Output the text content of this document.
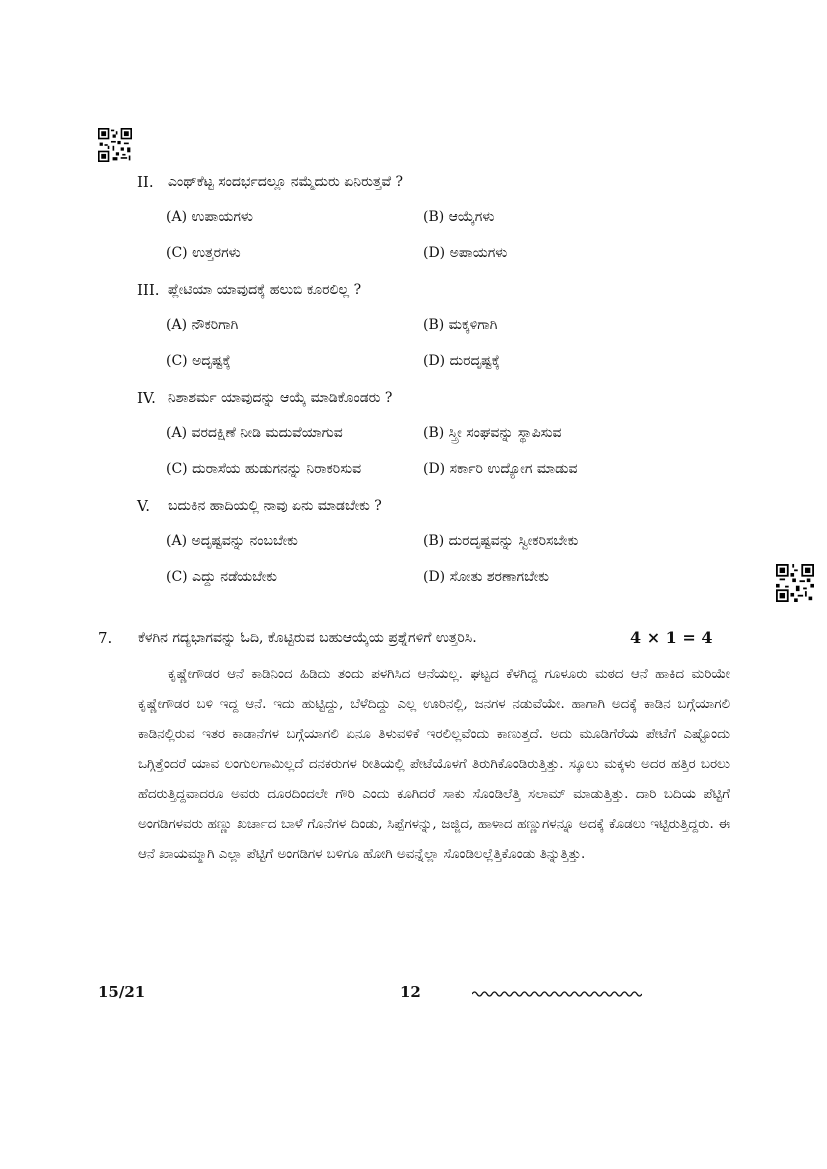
II. ಎಂಥ್‌ಕೆಟ್ಟ ಸಂದರ್ಭದಲ್ಲೂ ನಮ್ಮೆದುರು ಏನಿರುತ್ತವೆ ?
(A) ಉಪಾಯಗಳು	(B) ಆಯ್ಕೆಗಳು
(C) ಉತ್ತರಗಳು	(D) ಅಪಾಯಗಳು
III. ಪ್ಲೇಟಿಯಾ ಯಾವುದಕ್ಕೆ ಹಲುಬಿ ಕೂರಲಿಲ್ಲ ?
(A) ನೌಕರಿಗಾಗಿ	(B) ಮಕ್ಕಳಿಗಾಗಿ
(C) ಅದೃಷ್ಟಕ್ಕೆ	(D) ದುರದೃಷ್ಟಕ್ಕೆ
IV. ನಿಶಾಶರ್ಮ ಯಾವುದನ್ನು ಆಯ್ಕೆ ಮಾಡಿಕೊಂಡರು ?
(A) ವರದಕ್ಷಿಣೆ ನೀಡಿ ಮದುವೆಯಾಗುವ	(B) ಸ್ತ್ರೀ ಸಂಘವನ್ನು ಸ್ಥಾಪಿಸುವ
(C) ದುರಾಸೆಯ ಹುಡುಗನನ್ನು ನಿರಾಕರಿಸುವ	(D) ಸರ್ಕಾರಿ ಉದ್ಯೋಗ ಮಾಡುವ
V. ಬದುಕಿನ ಹಾದಿಯಲ್ಲಿ ನಾವು ಏನು ಮಾಡಬೇಕು ?
(A) ಅದೃಷ್ಟವನ್ನು ನಂಬಬೇಕು	(B) ದುರದೃಷ್ಟವನ್ನು ಸ್ವೀಕರಿಸಬೇಕು
(C) ಎದ್ದು ನಡೆಯಬೇಕು	(D) ಸೋತು ಶರಣಾಗಬೇಕು
7. ಕೆಳಗಿನ ಗದ್ಯಭಾಗವನ್ನು ಓದಿ, ಕೊಟ್ಟಿರುವ ಬಹುಆಯ್ಕೆಯ ಪ್ರಶ್ನೆಗಳಿಗೆ ಉತ್ತರಿಸಿ.	4 × 1 = 4
ಕೃಷ್ಣೇಗೌಡರ ಆನೆ ಕಾಡಿನಿಂದ ಹಿಡಿದು ತಂದು ಪಳಗಿಸಿದ ಆನೆಯಲ್ಲ. ಘಟ್ಟದ ಕೆಳಗಿದ್ದ ಗೂಳೂರು ಮಠದ ಆನೆ ಹಾಕಿದ ಮರಿಯೇ ಕೃಷ್ಣೇಗೌಡರ ಬಳಿ ಇದ್ದ ಆನೆ. ಇದು ಹುಟ್ಟಿದ್ದು, ಬೆಳೆದಿದ್ದು ಎಲ್ಲ ಊರಿನಲ್ಲಿ, ಜನಗಳ ನಡುವೆಯೇ. ಹಾಗಾಗಿ ಅದಕ್ಕೆ ಕಾಡಿನ ಬಗ್ಗೆಯಾಗಲಿ ಕಾಡಿನಲ್ಲಿರುವ ಇತರ ಕಾಡಾನೆಗಳ ಬಗ್ಗೆಯಾಗಲಿ ಏನೂ ತಿಳುವಳಿಕೆ ಇರಲಿಲ್ಲವೆಂದು ಕಾಣುತ್ತದೆ. ಅದು ಮೂಡಿಗೆರೆಯ ಪೇಟೆಗೆ ಎಷ್ಟೊಂದು ಒಗ್ಗಿತ್ತೆಂದರೆ ಯಾವ ಲಂಗುಲಗಾಮಿಲ್ಲದೆ ದನಕರುಗಳ ರೀತಿಯಲ್ಲಿ ಪೇಟೆಯೊಳಗೆ ತಿರುಗಿಕೊಂಡಿರುತ್ತಿತ್ತು. ಸ್ಕೂಲು ಮಕ್ಕಳು ಅದರ ಹತ್ತಿರ ಬರಲು ಹೆದರುತ್ತಿದ್ದವಾದರೂ ಅವರು ದೂರದಿಂದಲೇ ಗೌರಿ ಎಂದು ಕೂಗಿದರೆ ಸಾಕು ಸೊಂಡಿಲೆತ್ತಿ ಸಲಾಮ್ ಮಾಡುತ್ತಿತ್ತು. ದಾರಿ ಬದಿಯ ಪೆಟ್ಟಿಗೆ ಅಂಗಡಿಗಳವರು ಹಣ್ಣು ಖರ್ಚಾದ ಬಾಳೆ ಗೊನೆಗಳ ದಿಂಡು, ಸಿಪ್ಪೆಗಳನ್ನು, ಜಜ್ಜಿದ, ಹಾಳಾದ ಹಣ್ಣುಗಳನ್ನೂ ಅದಕ್ಕೆ ಕೊಡಲು ಇಟ್ಟಿರುತ್ತಿದ್ದರು. ಈ ಆನೆ ಖಾಯಮ್ಮಾಗಿ ಎಲ್ಲಾ ಪೆಟ್ಟಿಗೆ ಅಂಗಡಿಗಳ ಬಳಿಗೂ ಹೋಗಿ ಅವನ್ನೆಲ್ಲಾ ಸೊಂಡಿಲಲ್ಲೆತ್ತಿಕೊಂಡು ತಿನ್ನುತ್ತಿತ್ತು.
15/21	12
